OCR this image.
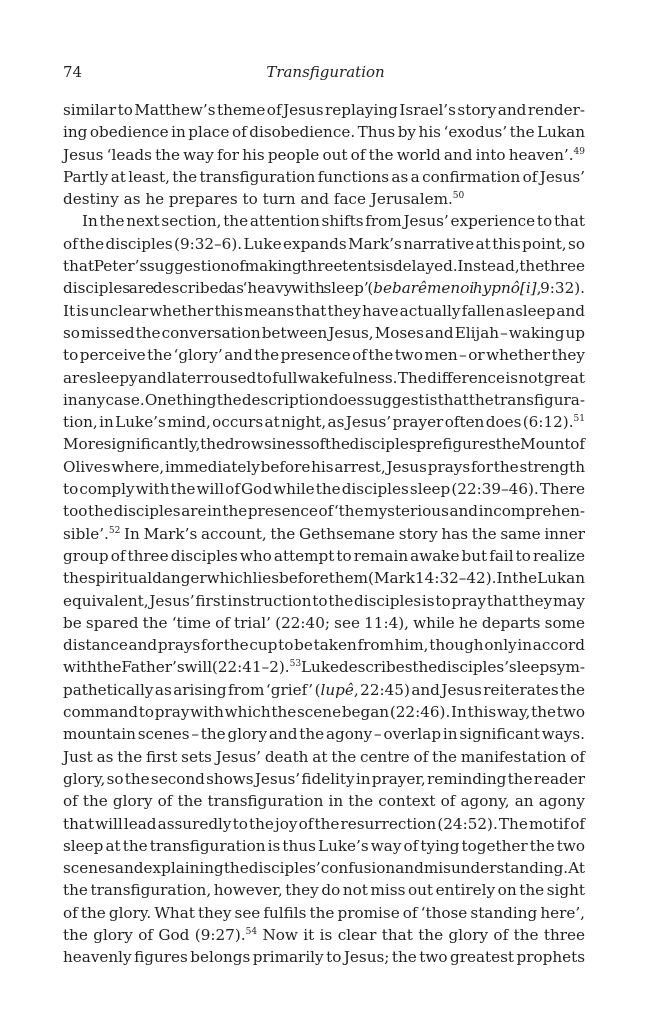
74	Transfiguration
similar to Matthew’s theme of Jesus replaying Israel’s story and render-
ing obedience in place of disobedience. Thus by his ‘exodus’ the Lukan
Jesus ‘leads the way for his people out of the world and into heaven’.$^{49}$
Partly at least, the transfiguration functions as a confirmation of Jesus’
destiny as he prepares to turn and face Jerusalem.$^{50}$
In the next section, the attention shifts from Jesus’ experience to that
of the disciples (9:32–6). Luke expands Mark’s narrative at this point, so
that Peter’s suggestion of making three tents is delayed. Instead, the three
disciples are described as ‘heavy with sleep’ (bebarêmenoi hypnô[i], 9:32).
It is unclear whether this means that they have actually fallen asleep and
so missed the conversation between Jesus, Moses and Elijah – waking up
to perceive the ‘glory’ and the presence of the two men – or whether they
are sleepy and later roused to full wakefulness. The difference is not great
in any case. One thing the description does suggest is that the transfigura-
tion, in Luke’s mind, occurs at night, as Jesus’ prayer often does (6:12).$^{51}$
More significantly, the drowsiness of the disciples prefigures the Mount of
Olives where, immediately before his arrest, Jesus prays for the strength
to comply with the will of God while the disciples sleep (22:39–46). There
too the disciples are in the presence of ‘the mysterious and incomprehen-
sible’.$^{52}$ In Mark’s account, the Gethsemane story has the same inner
group of three disciples who attempt to remain awake but fail to realize
the spiritual danger which lies before them (Mark 14:32–42). In the Lukan
equivalent, Jesus’ first instruction to the disciples is to pray that they may
be spared the ‘time of trial’ (22:40; see 11:4), while he departs some
distance and prays for the cup to be taken from him, though only in accord
with the Father’s will (22:41–2).$^{53}$ Luke describes the disciples’ sleep sym-
pathetically as arising from ‘grief’ (lupê, 22:45) and Jesus reiterates the
command to pray with which the scene began (22:46). In this way, the two
mountain scenes – the glory and the agony – overlap in significant ways.
Just as the first sets Jesus’ death at the centre of the manifestation of
glory, so the second shows Jesus’ fidelity in prayer, reminding the reader
of the glory of the transfiguration in the context of agony, an agony
that will lead assuredly to the joy of the resurrection (24:52). The motif of
sleep at the transfiguration is thus Luke’s way of tying together the two
scenes and explaining the disciples’ confusion and misunderstanding. At
the transfiguration, however, they do not miss out entirely on the sight
of the glory. What they see fulfils the promise of ‘those standing here’,
the glory of God (9:27).$^{54}$ Now it is clear that the glory of the three
heavenly figures belongs primarily to Jesus; the two greatest prophets
